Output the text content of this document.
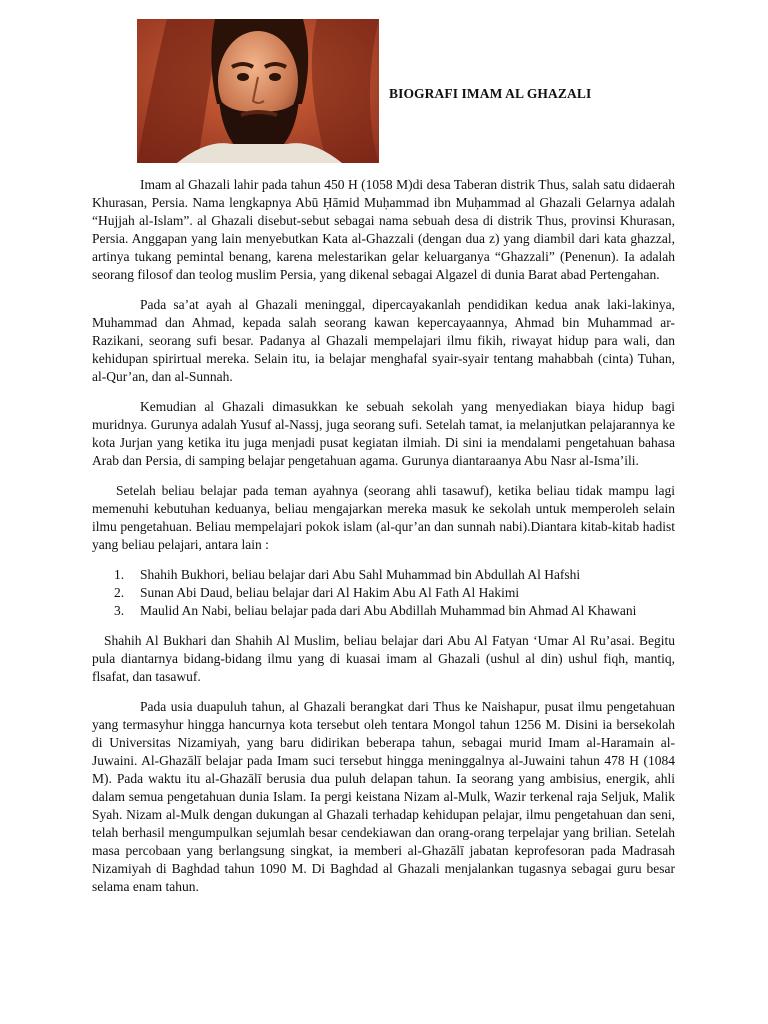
BIOGRAFI IMAM AL GHAZALI

Imam al Ghazali lahir pada tahun 450 H (1058 M)di desa Taberan distrik Thus, salah satu didaerah Khurasan, Persia. Nama lengkapnya Abū Ḥāmid Muḥammad ibn Muḥammad al Ghazali Gelarnya adalah “Hujjah al-Islam”. al Ghazali disebut-sebut sebagai nama sebuah desa di distrik Thus, provinsi Khurasan, Persia. Anggapan yang lain menyebutkan Kata al-Ghazzali (dengan dua z) yang diambil dari kata ghazzal, artinya tukang pemintal benang, karena melestarikan gelar keluarganya “Ghazzali” (Penenun). Ia adalah seorang filosof dan teolog muslim Persia, yang dikenal sebagai Algazel di dunia Barat abad Pertengahan.

Pada sa’at ayah al Ghazali meninggal, dipercayakanlah pendidikan kedua anak laki-lakinya, Muhammad dan Ahmad, kepada salah seorang kawan kepercayaannya, Ahmad bin Muhammad ar-Razikani, seorang sufi besar. Padanya al Ghazali mempelajari ilmu fikih, riwayat hidup para wali, dan kehidupan spirirtual mereka. Selain itu, ia belajar menghafal syair-syair tentang mahabbah (cinta) Tuhan, al-Qur’an, dan al-Sunnah.

Kemudian al Ghazali dimasukkan ke sebuah sekolah yang menyediakan biaya hidup bagi muridnya. Gurunya adalah Yusuf al-Nassj, juga seorang sufi. Setelah tamat, ia melanjutkan pelajarannya ke kota Jurjan yang ketika itu juga menjadi pusat kegiatan ilmiah. Di sini ia mendalami pengetahuan bahasa Arab dan Persia, di samping belajar pengetahuan agama. Gurunya diantaraanya Abu Nasr al-Isma’ili.

Setelah beliau belajar pada teman ayahnya (seorang ahli tasawuf), ketika beliau tidak mampu lagi memenuhi kebutuhan keduanya, beliau mengajarkan mereka masuk ke sekolah untuk memperoleh selain ilmu pengetahuan. Beliau mempelajari pokok islam (al-qur’an dan sunnah nabi).Diantara kitab-kitab hadist yang beliau pelajari, antara lain :

1. Shahih Bukhori, beliau belajar dari Abu Sahl Muhammad bin Abdullah Al Hafshi
2. Sunan Abi Daud, beliau belajar dari Al Hakim Abu Al Fath Al Hakimi
3. Maulid An Nabi, beliau belajar pada dari Abu Abdillah Muhammad bin Ahmad Al Khawani

Shahih Al Bukhari dan Shahih Al Muslim, beliau belajar dari Abu Al Fatyan ‘Umar Al Ru’asai. Begitu pula diantarnya bidang-bidang ilmu yang di kuasai imam al Ghazali (ushul al din) ushul fiqh, mantiq, flsafat, dan tasawuf.

Pada usia duapuluh tahun, al Ghazali berangkat dari Thus ke Naishapur, pusat ilmu pengetahuan yang termasyhur hingga hancurnya kota tersebut oleh tentara Mongol tahun 1256 M. Disini ia bersekolah di Universitas Nizamiyah, yang baru didirikan beberapa tahun, sebagai murid Imam al-Haramain al-Juwaini. Al-Ghazālī belajar pada Imam suci tersebut hingga meninggalnya al-Juwaini tahun 478 H (1084 M). Pada waktu itu al-Ghazālī berusia dua puluh delapan tahun. Ia seorang yang ambisius, energik, ahli dalam semua pengetahuan dunia Islam. Ia pergi keistana Nizam al-Mulk, Wazir terkenal raja Seljuk, Malik Syah. Nizam al-Mulk dengan dukungan al Ghazali terhadap kehidupan pelajar, ilmu pengetahuan dan seni, telah berhasil mengumpulkan sejumlah besar cendekiawan dan orang-orang terpelajar yang brilian. Setelah masa percobaan yang berlangsung singkat, ia memberi al-Ghazālī jabatan keprofesoran pada Madrasah Nizamiyah di Baghdad tahun 1090 M. Di Baghdad al Ghazali menjalankan tugasnya sebagai guru besar selama enam tahun.
